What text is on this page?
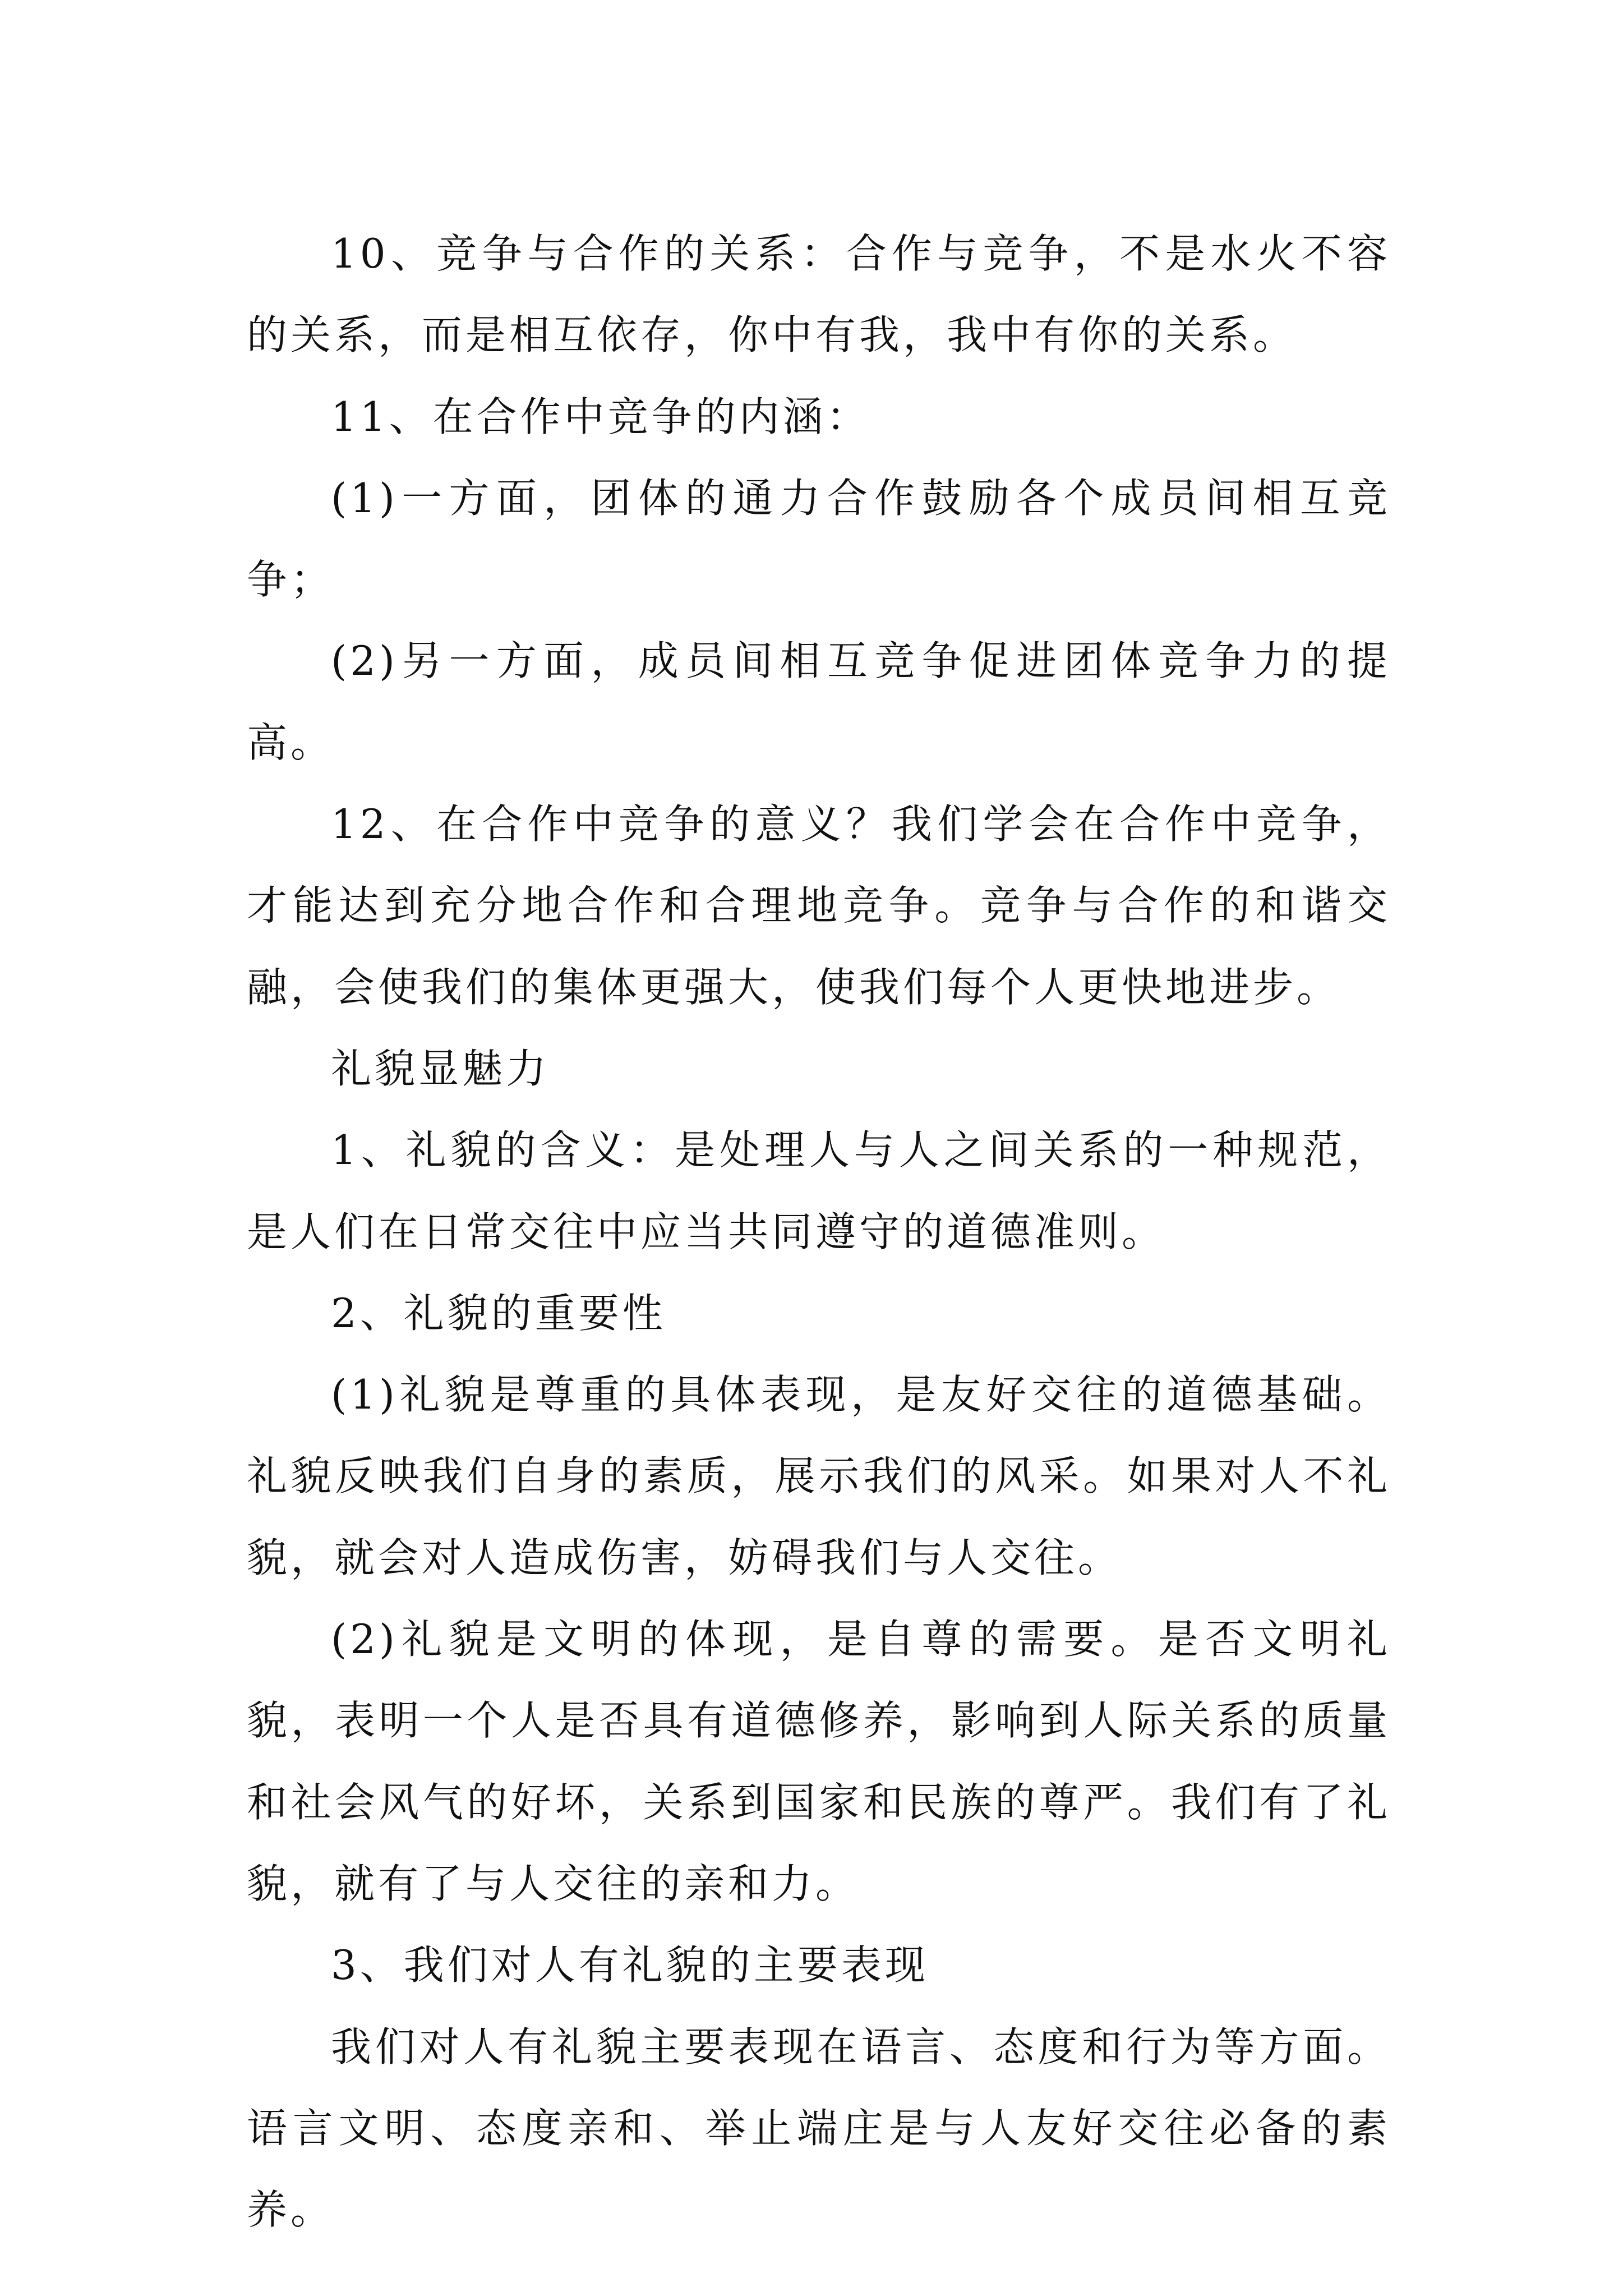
10、竞争与合作的关系：合作与竞争，不是水火不容的关系，而是相互依存，你中有我，我中有你的关系。

11、在合作中竞争的内涵：

(1)一方面，团体的通力合作鼓励各个成员间相互竞争；

(2)另一方面，成员间相互竞争促进团体竞争力的提高。

12、在合作中竞争的意义？我们学会在合作中竞争，才能达到充分地合作和合理地竞争。竞争与合作的和谐交融，会使我们的集体更强大，使我们每个人更快地进步。

礼貌显魅力

1、礼貌的含义：是处理人与人之间关系的一种规范，是人们在日常交往中应当共同遵守的道德准则。

2、礼貌的重要性

(1)礼貌是尊重的具体表现，是友好交往的道德基础。礼貌反映我们自身的素质，展示我们的风采。如果对人不礼貌，就会对人造成伤害，妨碍我们与人交往。

(2)礼貌是文明的体现，是自尊的需要。是否文明礼貌，表明一个人是否具有道德修养，影响到人际关系的质量和社会风气的好坏，关系到国家和民族的尊严。我们有了礼貌，就有了与人交往的亲和力。

3、我们对人有礼貌的主要表现

我们对人有礼貌主要表现在语言、态度和行为等方面。语言文明、态度亲和、举止端庄是与人友好交往必备的素养。
